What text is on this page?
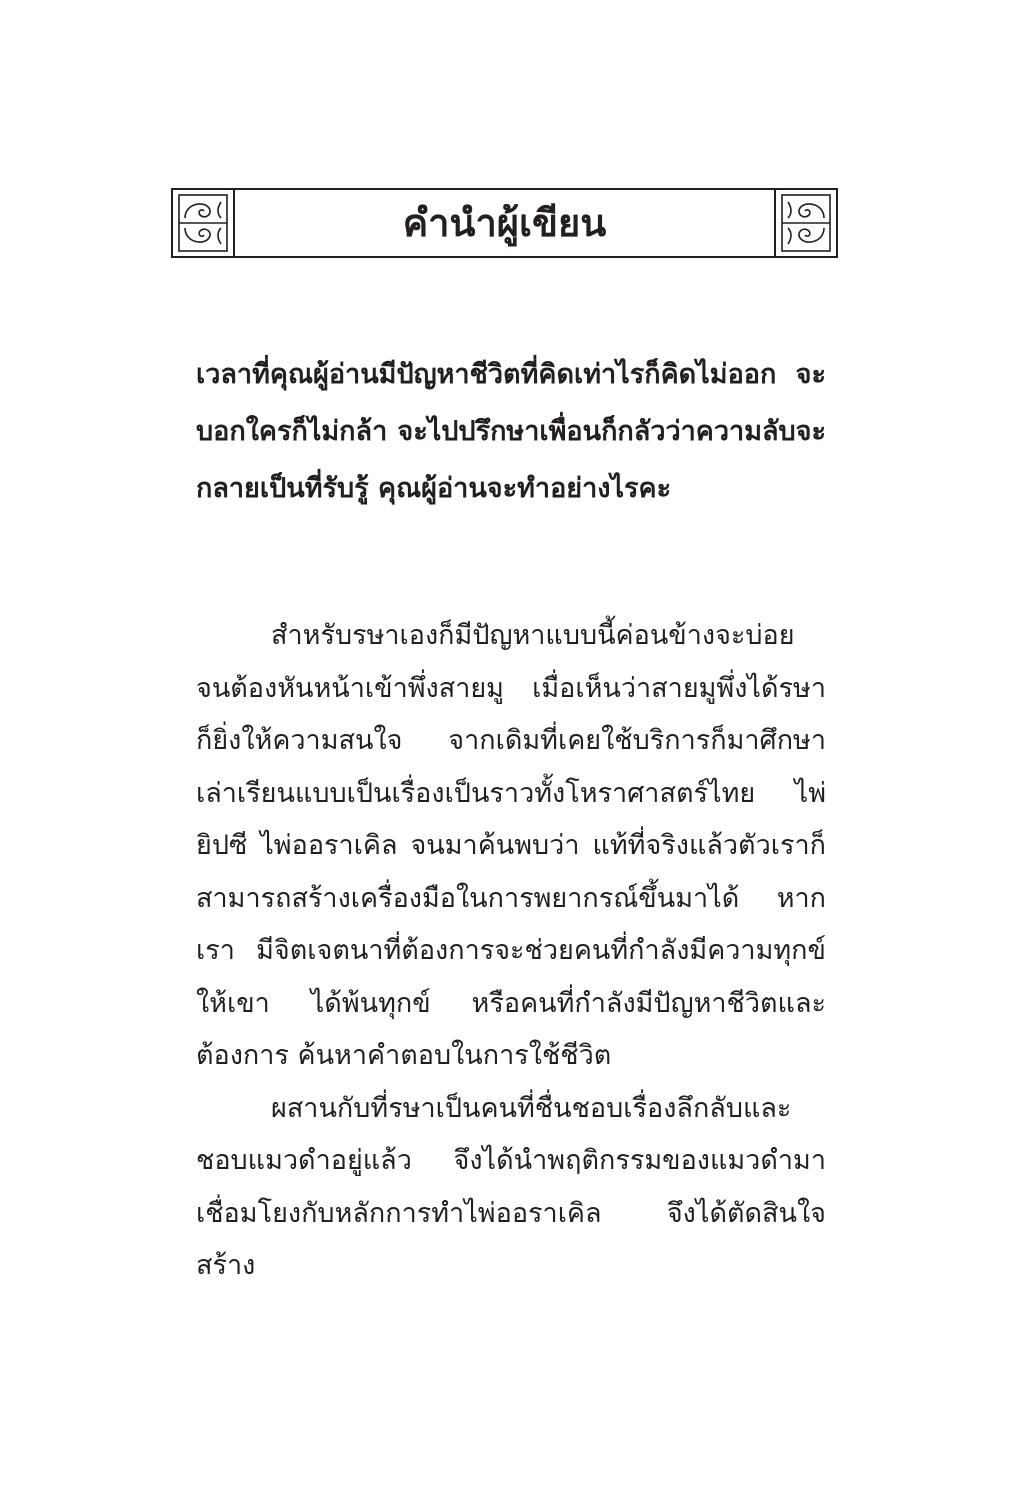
คำนำผู้เขียน

เวลาที่คุณผู้อ่านมีปัญหาชีวิตที่คิดเท่าไรก็คิดไม่ออก จะบอกใครก็ไม่กล้า จะไปปรึกษาเพื่อนก็กลัวว่าความลับจะกลายเป็นที่รับรู้ คุณผู้อ่านจะทำอย่างไรคะ

สำหรับรษาเองก็มีปัญหาแบบนี้ค่อนข้างจะบ่อย จนต้องหันหน้าเข้าพึ่งสายมู เมื่อเห็นว่าสายมูพึ่งได้รษา ก็ยิ่งให้ความสนใจ จากเดิมที่เคยใช้บริการก็มาศึกษา เล่าเรียนแบบเป็นเรื่องเป็นราวทั้งโหราศาสตร์ไทย ไพ่ยิปซี ไพ่ออราเคิล จนมาค้นพบว่า แท้ที่จริงแล้วตัวเราก็ สามารถสร้างเครื่องมือในการพยากรณ์ขึ้นมาได้ หากเรา มีจิตเจตนาที่ต้องการจะช่วยคนที่กำลังมีความทุกข์ให้เขา ได้พ้นทุกข์ หรือคนที่กำลังมีปัญหาชีวิตและต้องการ ค้นหาคำตอบในการใช้ชีวิต

ผสานกับที่รษาเป็นคนที่ชื่นชอบเรื่องลึกลับและ ชอบแมวดำอยู่แล้ว จึงได้นำพฤติกรรมของแมวดำมา เชื่อมโยงกับหลักการทำไพ่ออราเคิล จึงได้ตัดสินใจสร้าง
